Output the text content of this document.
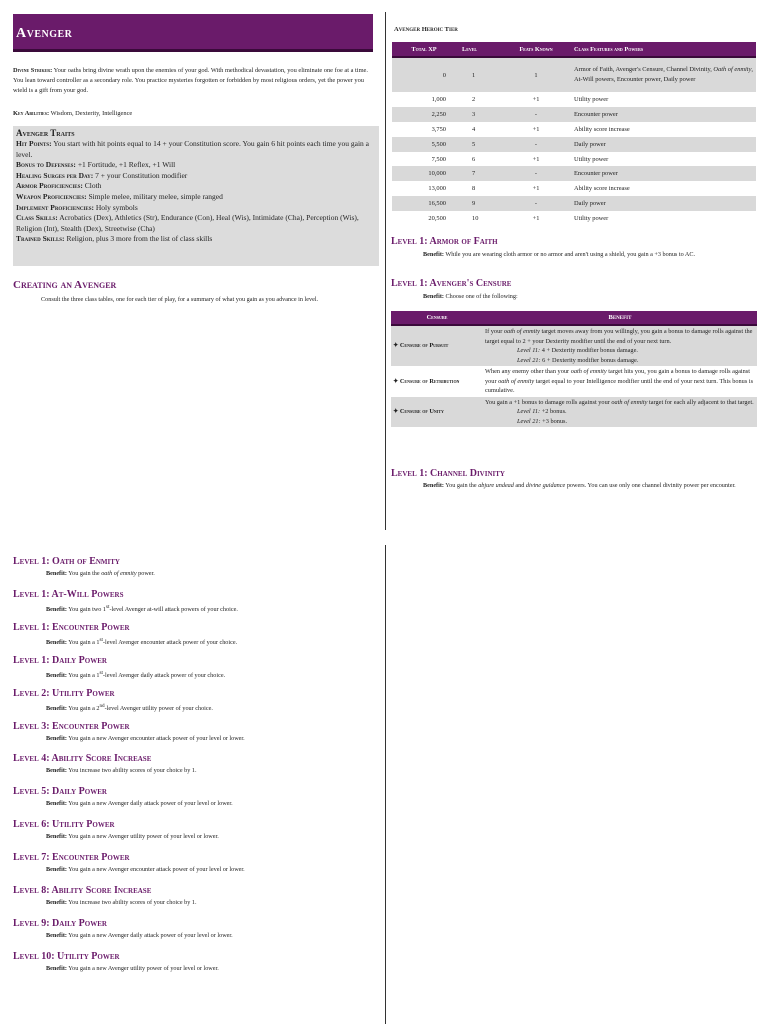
Avenger

Divine Striker: Your oaths bring divine wrath upon the enemies of your god. With methodical devastation, you eliminate one foe at a time. You lean toward controller as a secondary role. You practice mysteries forgotten or forbidden by most religious orders, yet the power you wield is a gift from your god.

Key Abilities: Wisdom, Dexterity, Intelligence

Avenger Traits
Hit Points: You start with hit points equal to 14 + your Constitution score. You gain 6 hit points each time you gain a level.
Bonus to Defenses: +1 Fortitude, +1 Reflex, +1 Will
Healing Surges per Day: 7 + your Constitution modifier
Armor Proficiencies: Cloth
Weapon Proficiencies: Simple melee, military melee, simple ranged
Implement Proficiencies: Holy symbols
Class Skills: Acrobatics (Dex), Athletics (Str), Endurance (Con), Heal (Wis), Intimidate (Cha), Perception (Wis), Religion (Int), Stealth (Dex), Streetwise (Cha)
Trained Skills: Religion, plus 3 more from the list of class skills
Creating an Avenger

Consult the three class tables, one for each tier of play, for a summary of what you gain as you advance in level.

Avenger Heroic Tier
Total XP	Level	Feats Known	Class Features and Powers
0	1	1	Armor of Faith, Avenger's Censure, Channel Divinity, Oath of enmity, At-Will powers, Encounter power, Daily power
1,000	2	+1	Utility power
2,250	3	-	Encounter power
3,750	4	+1	Ability score increase
5,500	5	-	Daily power
7,500	6	+1	Utility power
10,000	7	-	Encounter power
13,000	8	+1	Ability score increase
16,500	9	-	Daily power
20,500	10	+1	Utility power
Level 1: Armor of Faith

Benefit: While you are wearing cloth armor or no armor and aren't using a shield, you gain a +3 bonus to AC.

Level 1: Avenger's Censure

Benefit: Choose one of the following:

Censure	Benefit
✦ Censure of Pursuit	If your oath of enmity target moves away from you willingly, you gain a bonus to damage rolls against the target equal to 2 + your Dexterity modifier until the end of your next turn.
Level 11: 4 + Dexterity modifier bonus damage.
Level 21: 6 + Dexterity modifier bonus damage.

✦ Censure of Retribution	When any enemy other than your oath of enmity target hits you, you gain a bonus to damage rolls against your oath of enmity target equal to your Intelligence modifier until the end of your next turn. This bonus is cumulative.
✦ Censure of Unity	You gain a +1 bonus to damage rolls against your oath of enmity target for each ally adjacent to that target.
Level 11: +2 bonus.
Level 21: +3 bonus.
Level 1: Channel Divinity

Benefit: You gain the abjure undead and divine guidance powers. You can use only one channel divinity power per encounter.

Level 1: Oath of Enmity

Benefit: You gain the oath of enmity power.

Level 1: At-Will Powers

Benefit: You gain two 1st-level Avenger at-will attack powers of your choice.

Level 1: Encounter Power

Benefit: You gain a 1st-level Avenger encounter attack power of your choice.

Level 1: Daily Power

Benefit: You gain a 1st-level Avenger daily attack power of your choice.

Level 2: Utility Power

Benefit: You gain a 2nd-level Avenger utility power of your choice.

Level 3: Encounter Power

Benefit: You gain a new Avenger encounter attack power of your level or lower.

Level 4: Ability Score Increase

Benefit: You increase two ability scores of your choice by 1.

Level 5: Daily Power

Benefit: You gain a new Avenger daily attack power of your level or lower.

Level 6: Utility Power

Benefit: You gain a new Avenger utility power of your level or lower.

Level 7: Encounter Power

Benefit: You gain a new Avenger encounter attack power of your level or lower.

Level 8: Ability Score Increase

Benefit: You increase two ability scores of your choice by 1.

Level 9: Daily Power

Benefit: You gain a new Avenger daily attack power of your level or lower.

Level 10: Utility Power

Benefit: You gain a new Avenger utility power of your level or lower.
